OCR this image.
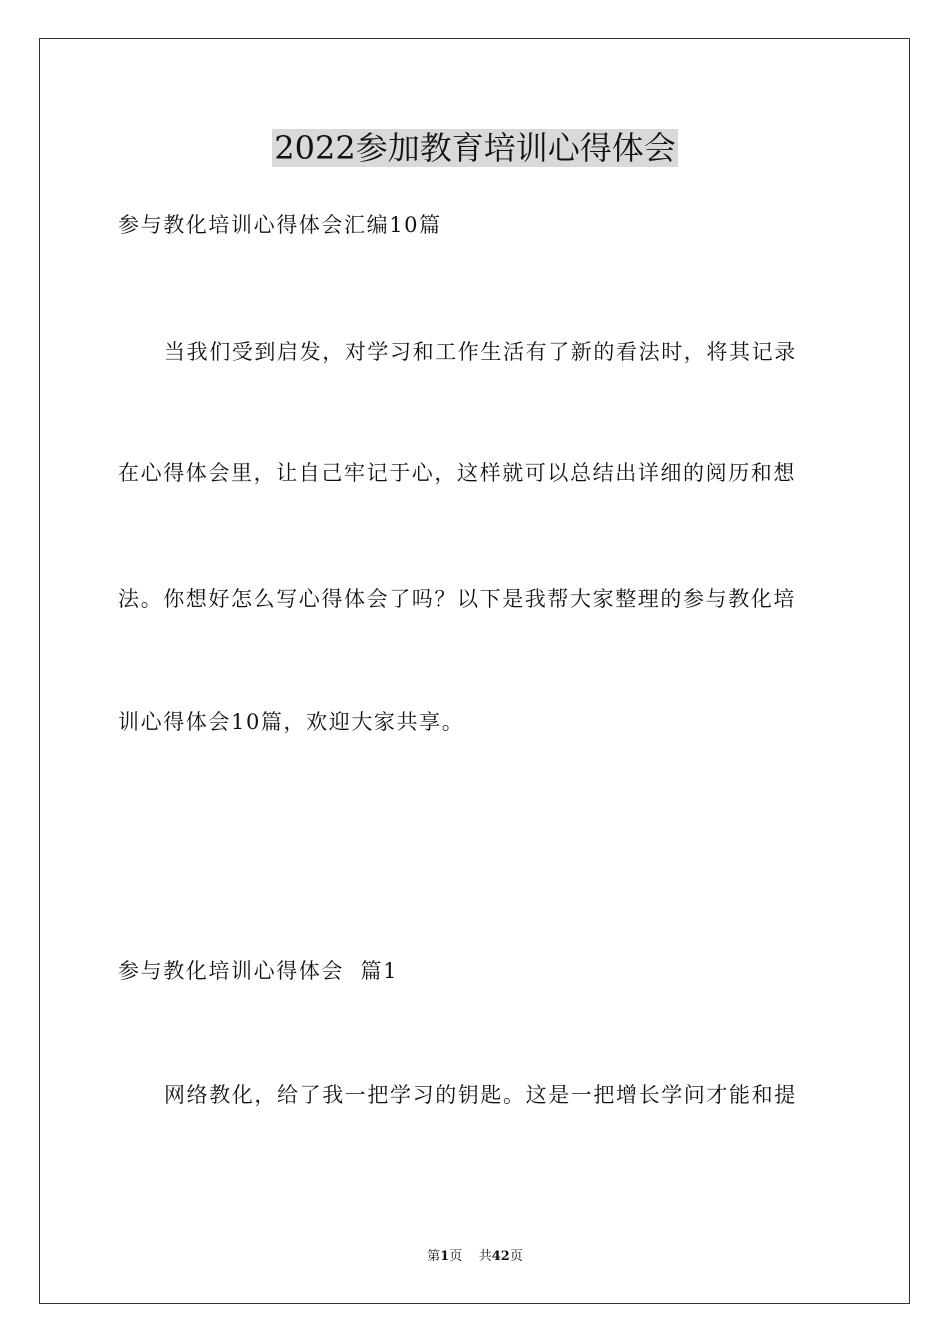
2022参加教育培训心得体会
参与教化培训心得体会汇编10篇
当我们受到启发，对学习和工作生活有了新的看法时，将其记录
在心得体会里，让自己牢记于心，这样就可以总结出详细的阅历和想
法。你想好怎么写心得体会了吗？以下是我帮大家整理的参与教化培
训心得体会10篇，欢迎大家共享。
参与教化培训心得体会  篇1
网络教化，给了我一把学习的钥匙。这是一把增长学问才能和提
第1页 共42页
